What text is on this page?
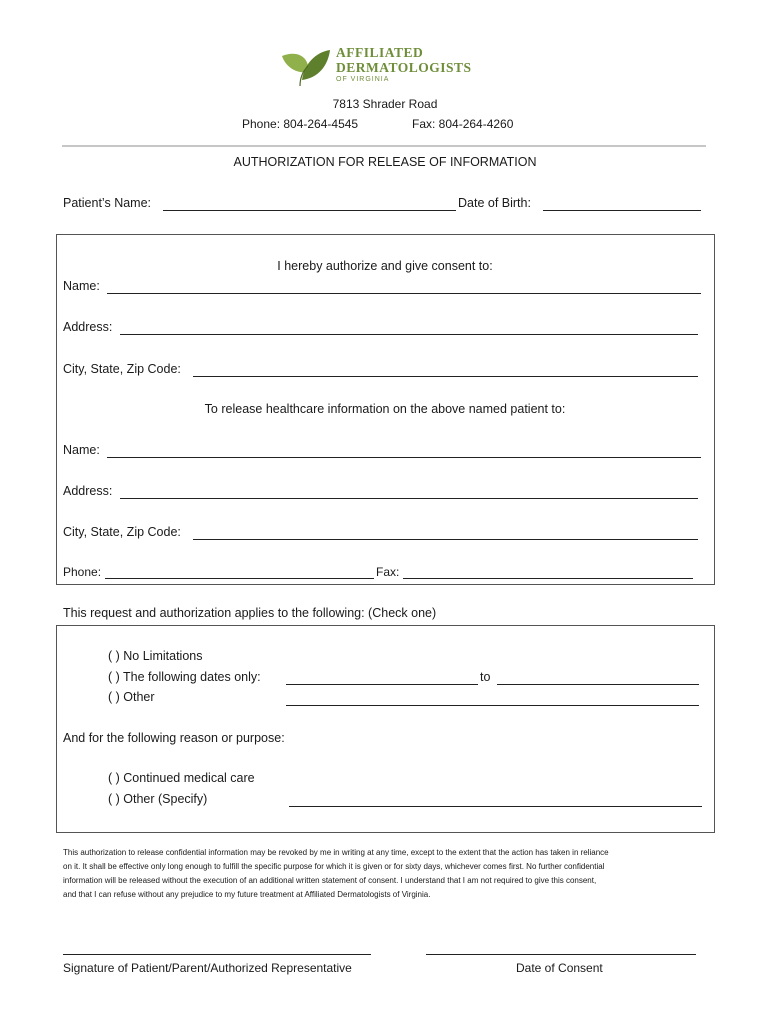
AFFILIATED
DERMATOLOGISTS
OF VIRGINIA
7813 Shrader Road
Phone: 804-264-4545	Fax: 804-264-4260
AUTHORIZATION FOR RELEASE OF INFORMATION
Patient’s Name:	Date of Birth:
I hereby authorize and give consent to:
Name:
Address:
City, State, Zip Code:
To release healthcare information on the above named patient to:
Name:
Address:
City, State, Zip Code:
Phone:	Fax:
This request and authorization applies to the following: (Check one)
( ) No Limitations
( ) The following dates only:	to
( ) Other
And for the following reason or purpose:
( ) Continued medical care
( ) Other (Specify)
This authorization to release confidential information may be revoked by me in writing at any time, except to the extent that the action has taken in reliance
on it. It shall be effective only long enough to fulfill the specific purpose for which it is given or for sixty days, whichever comes first. No further confidential
information will be released without the execution of an additional written statement of consent. I understand that I am not required to give this consent,
and that I can refuse without any prejudice to my future treatment at Affiliated Dermatologists of Virginia.
Signature of Patient/Parent/Authorized Representative	Date of Consent
